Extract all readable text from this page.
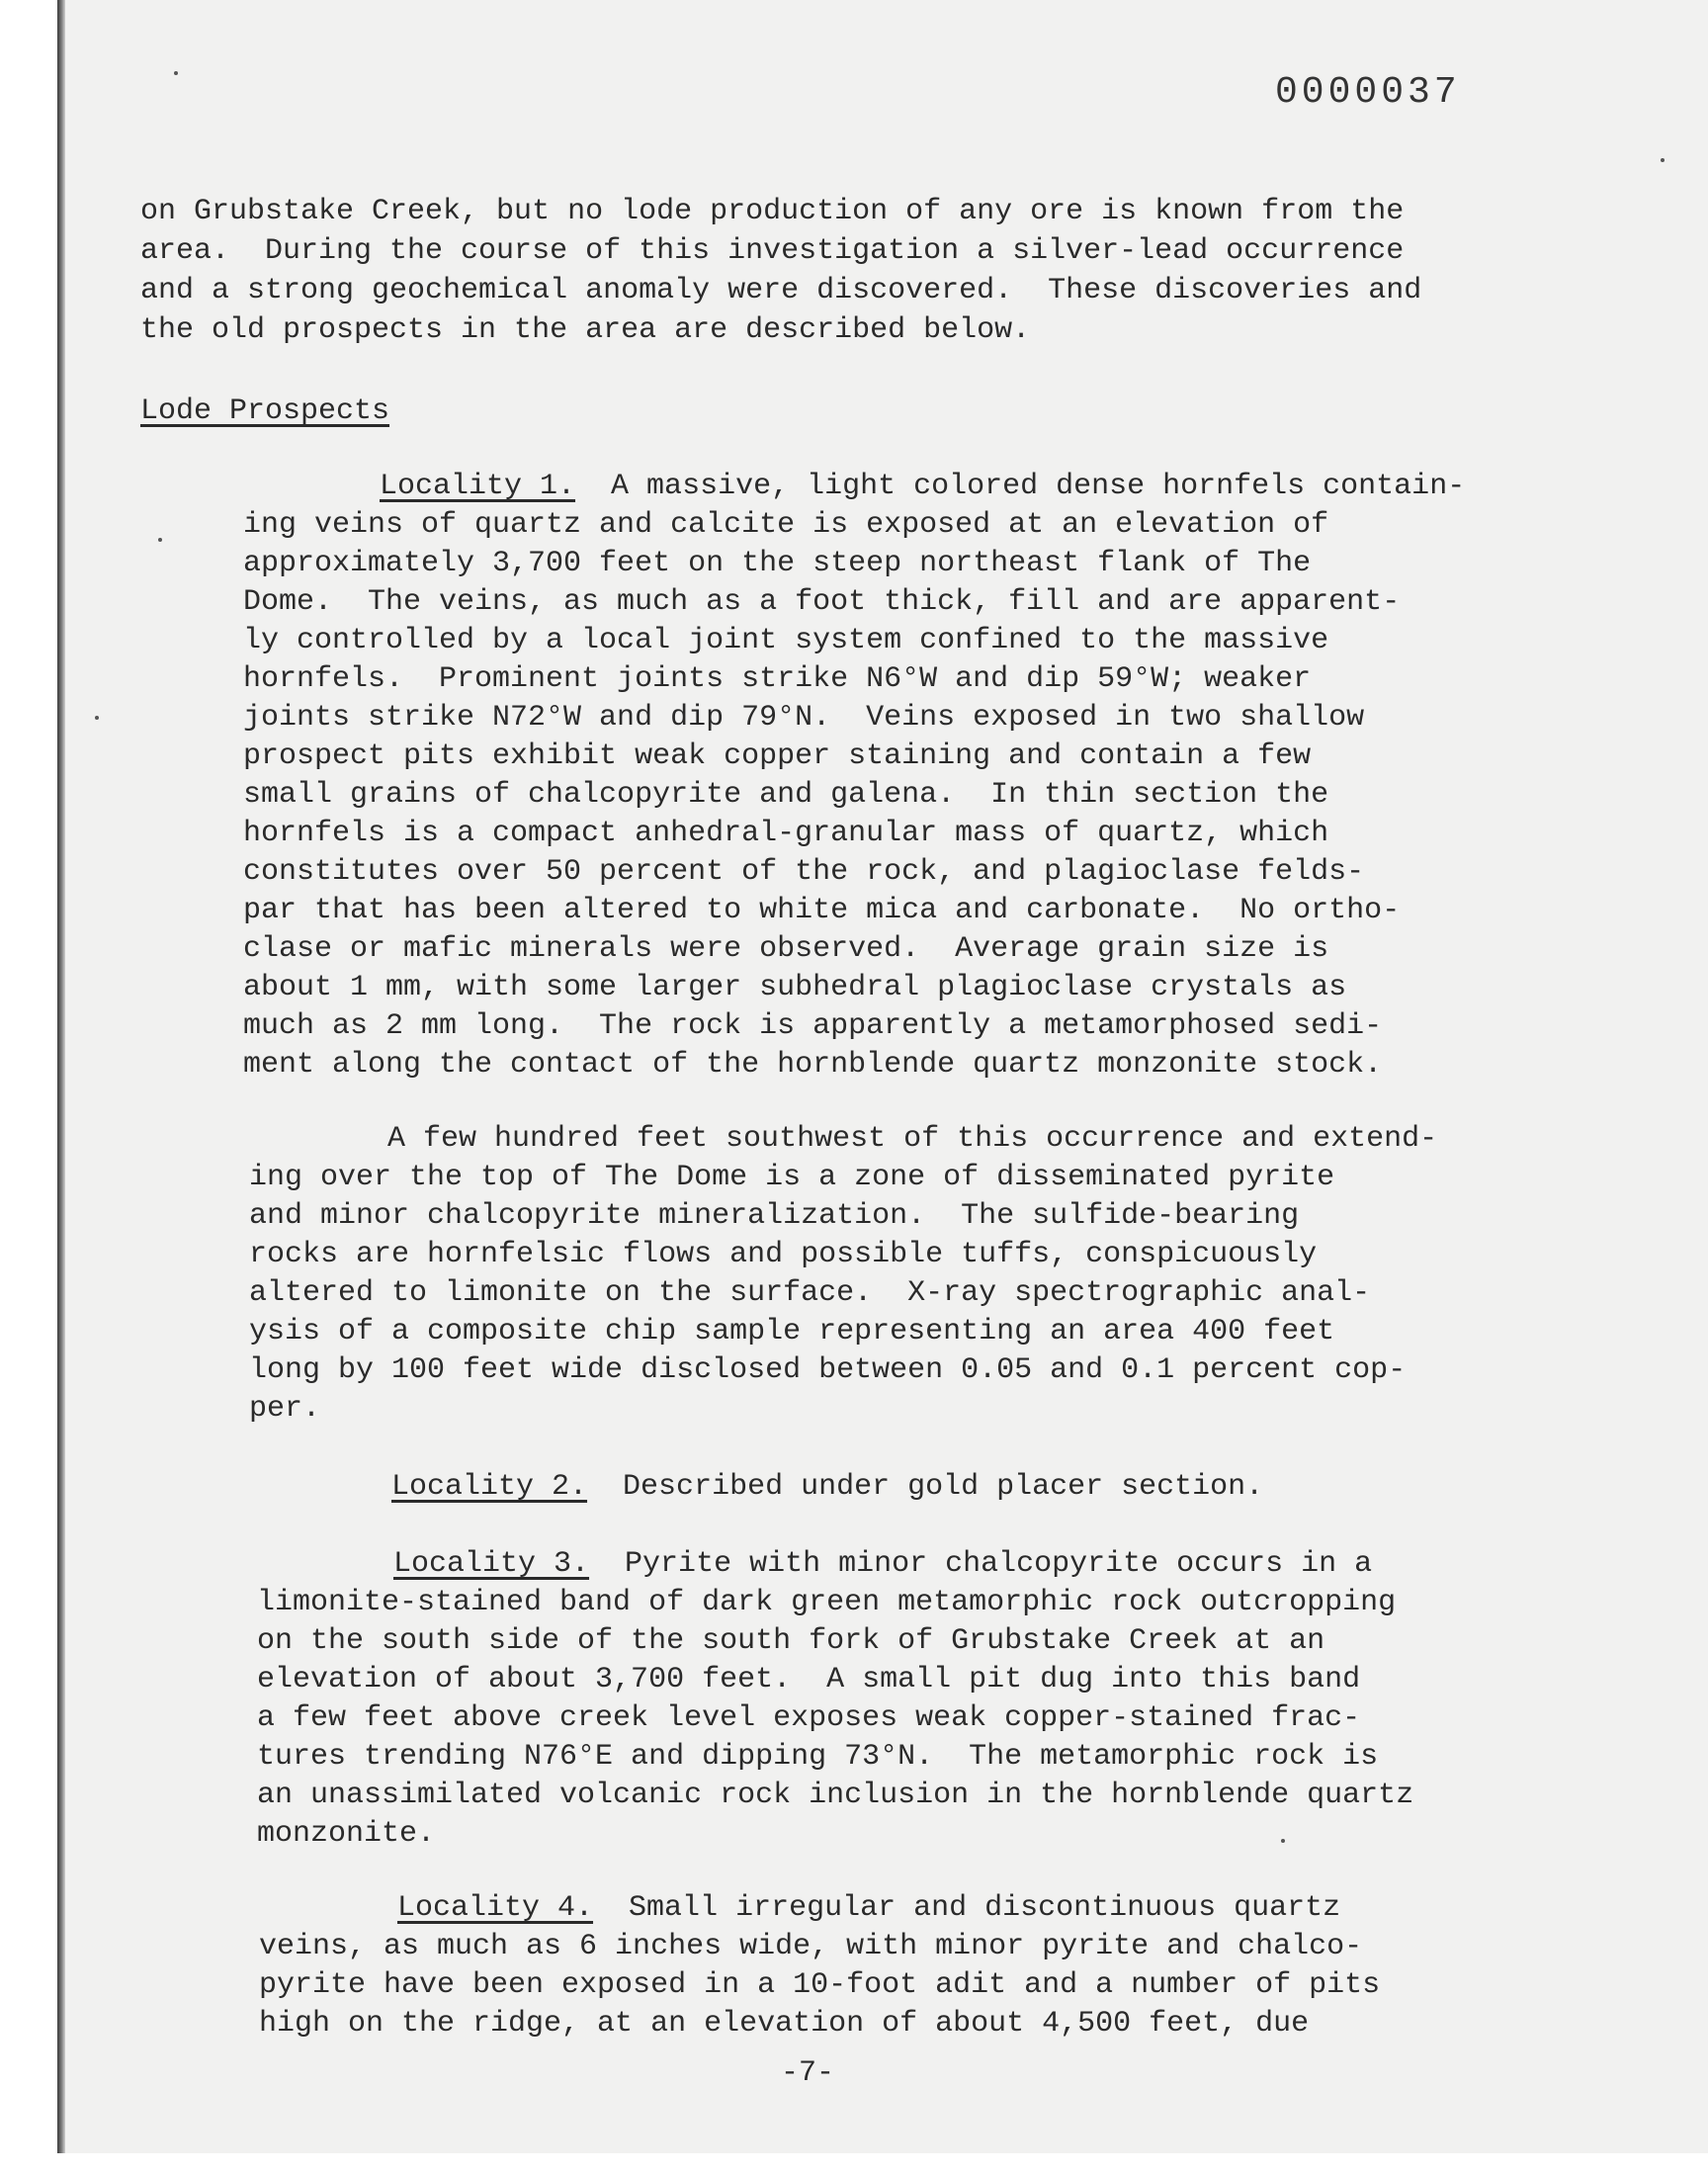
0000037
on Grubstake Creek, but no lode production of any ore is known from the
area.  During the course of this investigation a silver-lead occurrence
and a strong geochemical anomaly were discovered.  These discoveries and
the old prospects in the area are described below.
Lode Prospects
Locality 1.  A massive, light colored dense hornfels contain-
ing veins of quartz and calcite is exposed at an elevation of
approximately 3,700 feet on the steep northeast flank of The
Dome.  The veins, as much as a foot thick, fill and are apparent-
ly controlled by a local joint system confined to the massive
hornfels.  Prominent joints strike N6°W and dip 59°W; weaker
joints strike N72°W and dip 79°N.  Veins exposed in two shallow
prospect pits exhibit weak copper staining and contain a few
small grains of chalcopyrite and galena.  In thin section the
hornfels is a compact anhedral-granular mass of quartz, which
constitutes over 50 percent of the rock, and plagioclase felds-
par that has been altered to white mica and carbonate.  No ortho-
clase or mafic minerals were observed.  Average grain size is
about 1 mm, with some larger subhedral plagioclase crystals as
much as 2 mm long.  The rock is apparently a metamorphosed sedi-
ment along the contact of the hornblende quartz monzonite stock.
A few hundred feet southwest of this occurrence and extend-
ing over the top of The Dome is a zone of disseminated pyrite
and minor chalcopyrite mineralization.  The sulfide-bearing
rocks are hornfelsic flows and possible tuffs, conspicuously
altered to limonite on the surface.  X-ray spectrographic anal-
ysis of a composite chip sample representing an area 400 feet
long by 100 feet wide disclosed between 0.05 and 0.1 percent cop-
per.
Locality 2.  Described under gold placer section.
Locality 3.  Pyrite with minor chalcopyrite occurs in a
limonite-stained band of dark green metamorphic rock outcropping
on the south side of the south fork of Grubstake Creek at an
elevation of about 3,700 feet.  A small pit dug into this band
a few feet above creek level exposes weak copper-stained frac-
tures trending N76°E and dipping 73°N.  The metamorphic rock is
an unassimilated volcanic rock inclusion in the hornblende quartz
monzonite.
Locality 4.  Small irregular and discontinuous quartz
veins, as much as 6 inches wide, with minor pyrite and chalco-
pyrite have been exposed in a 10-foot adit and a number of pits
high on the ridge, at an elevation of about 4,500 feet, due
-7-
